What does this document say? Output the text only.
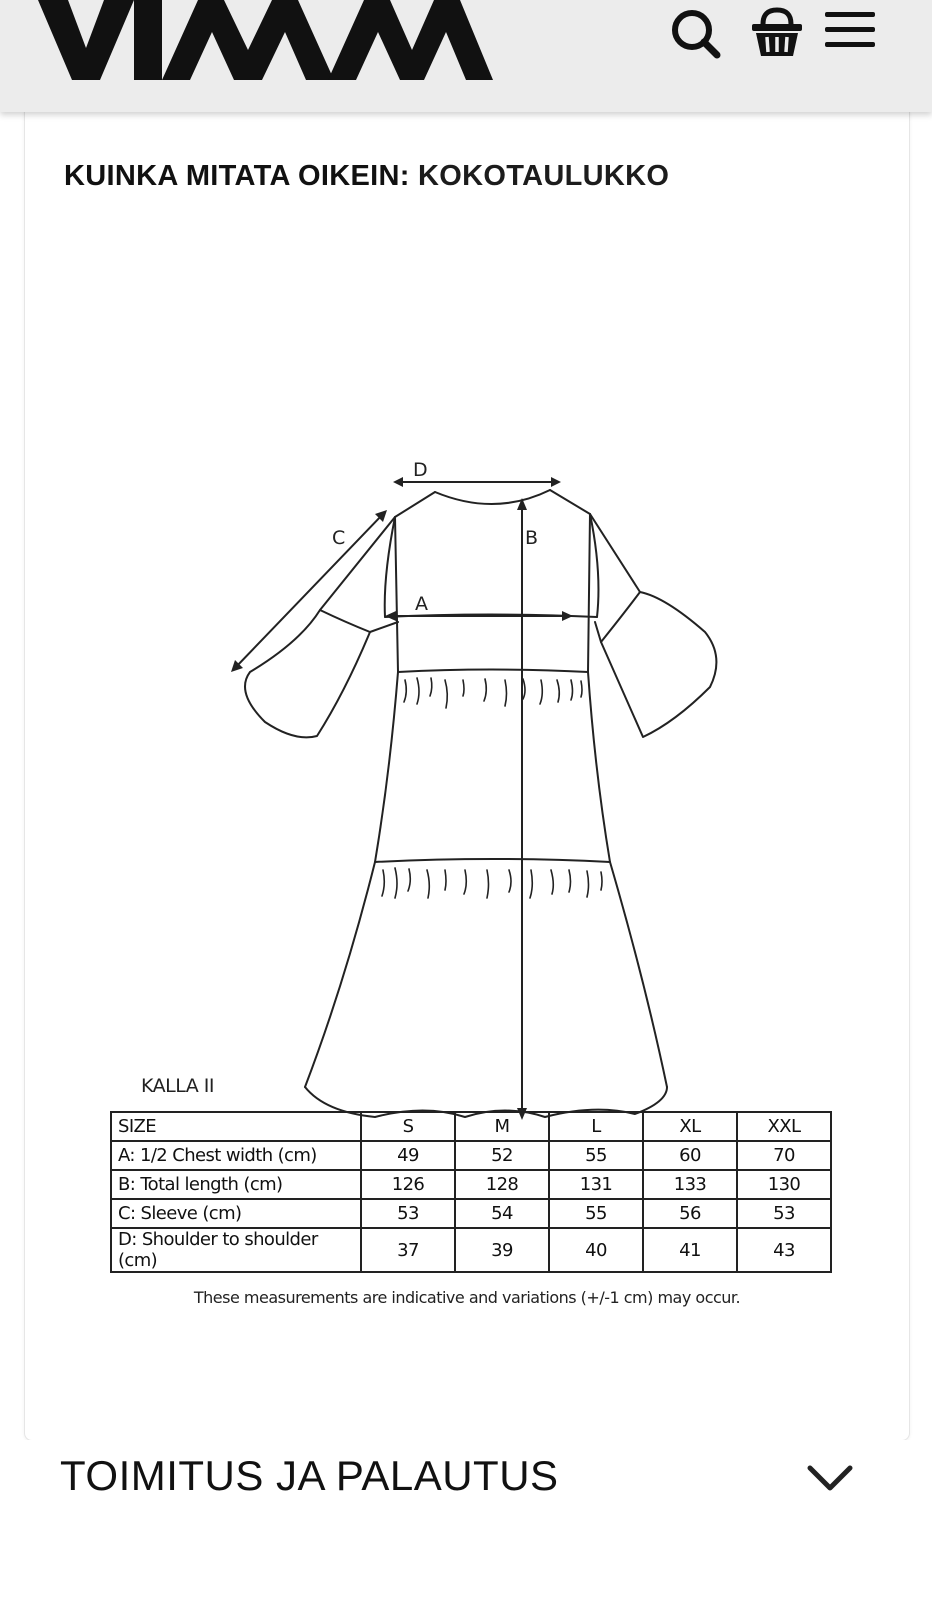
KUINKA MITATA OIKEIN: KOKOTAULUKKO
D
B
A
C
KALLA II
SIZE	S	M	L	XL	XXL
A: 1/2 Chest width (cm)	49	52	55	60	70
B: Total length (cm)	126	128	131	133	130
C: Sleeve (cm)	53	54	55	56	53
D: Shoulder to shoulder (cm)	37	39	40	41	43
These measurements are indicative and variations (+/-1 cm) may occur.
TOIMITUS JA PALAUTUS
